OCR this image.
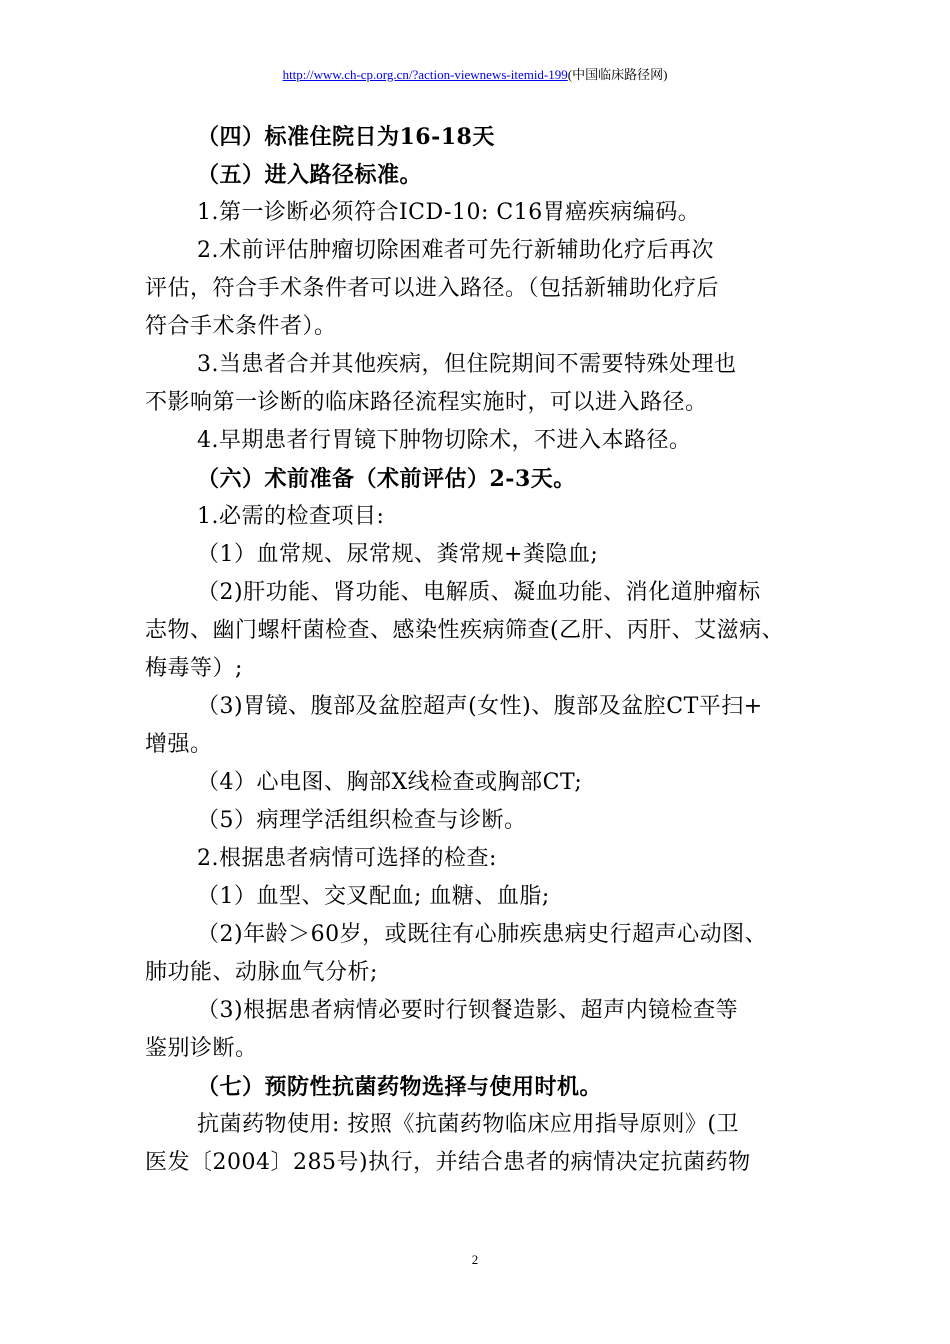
http://www.ch-cp.org.cn/?action-viewnews-itemid-199(中国临床路径网)
（四）标准住院日为16-18天
（五）进入路径标准。
1.第一诊断必须符合ICD-10: C16胃癌疾病编码。
2.术前评估肿瘤切除困难者可先行新辅助化疗后再次
评估，符合手术条件者可以进入路径。（包括新辅助化疗后
符合手术条件者）。
3.当患者合并其他疾病，但住院期间不需要特殊处理也
不影响第一诊断的临床路径流程实施时，可以进入路径。
4.早期患者行胃镜下肿物切除术，不进入本路径。
（六）术前准备（术前评估）2-3天。
1.必需的检查项目:
（1）血常规、尿常规、粪常规+粪隐血;
（2)肝功能、肾功能、电解质、凝血功能、消化道肿瘤标
志物、幽门螺杆菌检查、感染性疾病筛查(乙肝、丙肝、艾滋病、
梅毒等）;
（3)胃镜、腹部及盆腔超声(女性)、腹部及盆腔CT平扫+
增强。
（4）心电图、胸部X线检查或胸部CT;
（5）病理学活组织检查与诊断。
2.根据患者病情可选择的检查:
（1）血型、交叉配血; 血糖、血脂;
（2)年龄＞60岁，或既往有心肺疾患病史行超声心动图、
肺功能、动脉血气分析;
（3)根据患者病情必要时行钡餐造影、超声内镜检查等
鉴别诊断。
（七）预防性抗菌药物选择与使用时机。
抗菌药物使用: 按照《抗菌药物临床应用指导原则》(卫
医发〔2004〕285号)执行，并结合患者的病情决定抗菌药物
2
